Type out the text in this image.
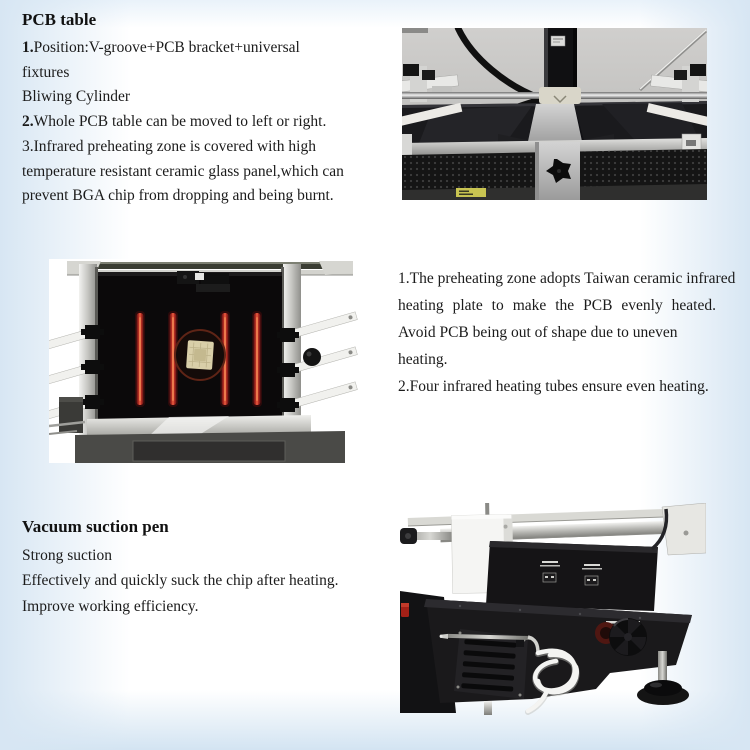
PCB table
1.Position:V-groove+PCB bracket+universal
fixtures
Bliwing Cylinder
2.Whole PCB table can be moved to left or right.
3.Infrared preheating zone is covered with high
temperature resistant ceramic glass panel,which can
prevent BGA chip from dropping and being burnt.
1.The preheating zone adopts Taiwan ceramic infrared
heating plate to make the PCB evenly heated.
Avoid PCB being out of shape due to uneven
heating.
2.Four infrared heating tubes ensure even heating.
Vacuum suction pen
Strong suction
Effectively and quickly suck the chip after heating.
Improve working efficiency.
